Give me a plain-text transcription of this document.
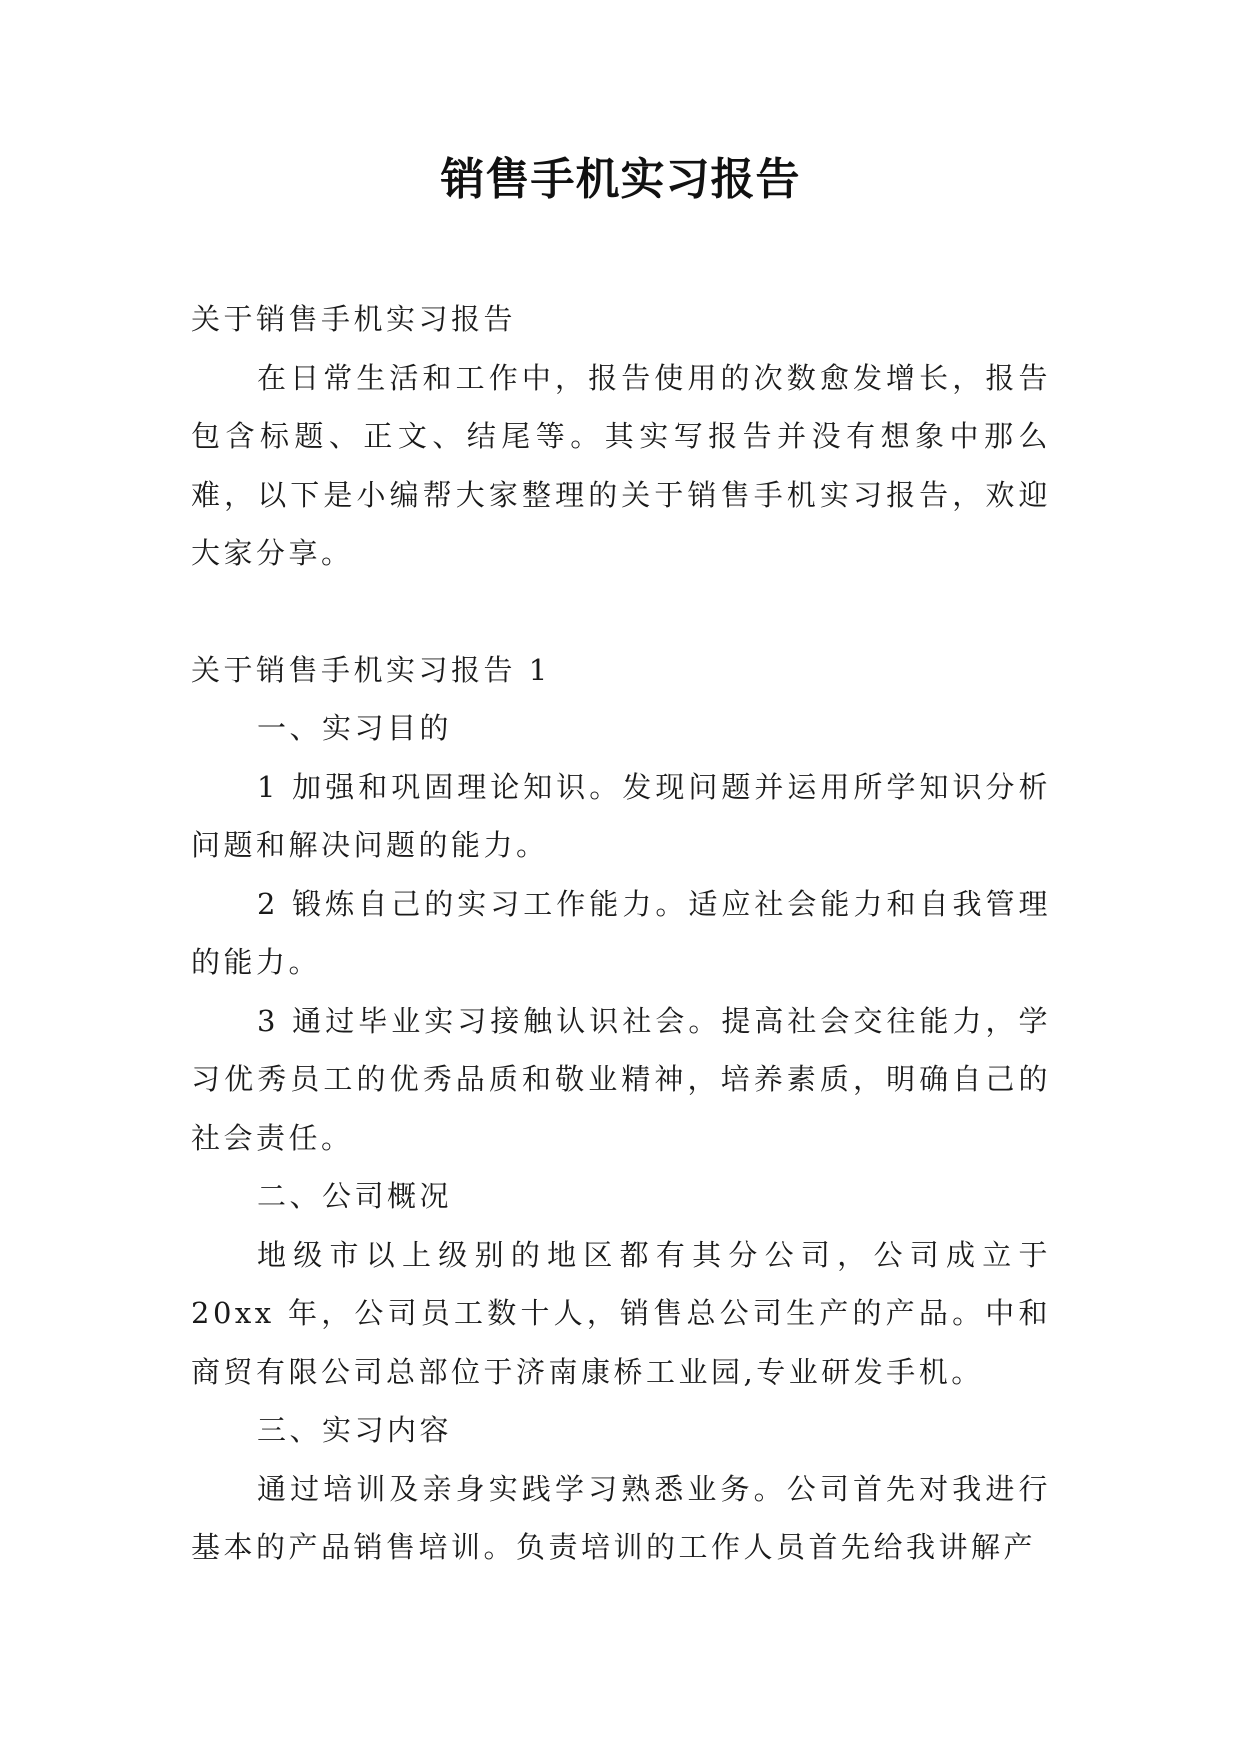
销售手机实习报告

关于销售手机实习报告

在日常生活和工作中，报告使用的次数愈发增长，报告包含标题、正文、结尾等。其实写报告并没有想象中那么难，以下是小编帮大家整理的关于销售手机实习报告，欢迎大家分享。

关于销售手机实习报告 1

一、实习目的

1 加强和巩固理论知识。发现问题并运用所学知识分析问题和解决问题的能力。

2 锻炼自己的实习工作能力。适应社会能力和自我管理的能力。

3 通过毕业实习接触认识社会。提高社会交往能力，学习优秀员工的优秀品质和敬业精神，培养素质，明确自己的社会责任。

二、公司概况

地级市以上级别的地区都有其分公司，公司成立于 20xx 年，公司员工数十人，销售总公司生产的产品。中和商贸有限公司总部位于济南康桥工业园,专业研发手机。

三、实习内容

通过培训及亲身实践学习熟悉业务。公司首先对我进行基本的产品销售培训。负责培训的工作人员首先给我讲解产
